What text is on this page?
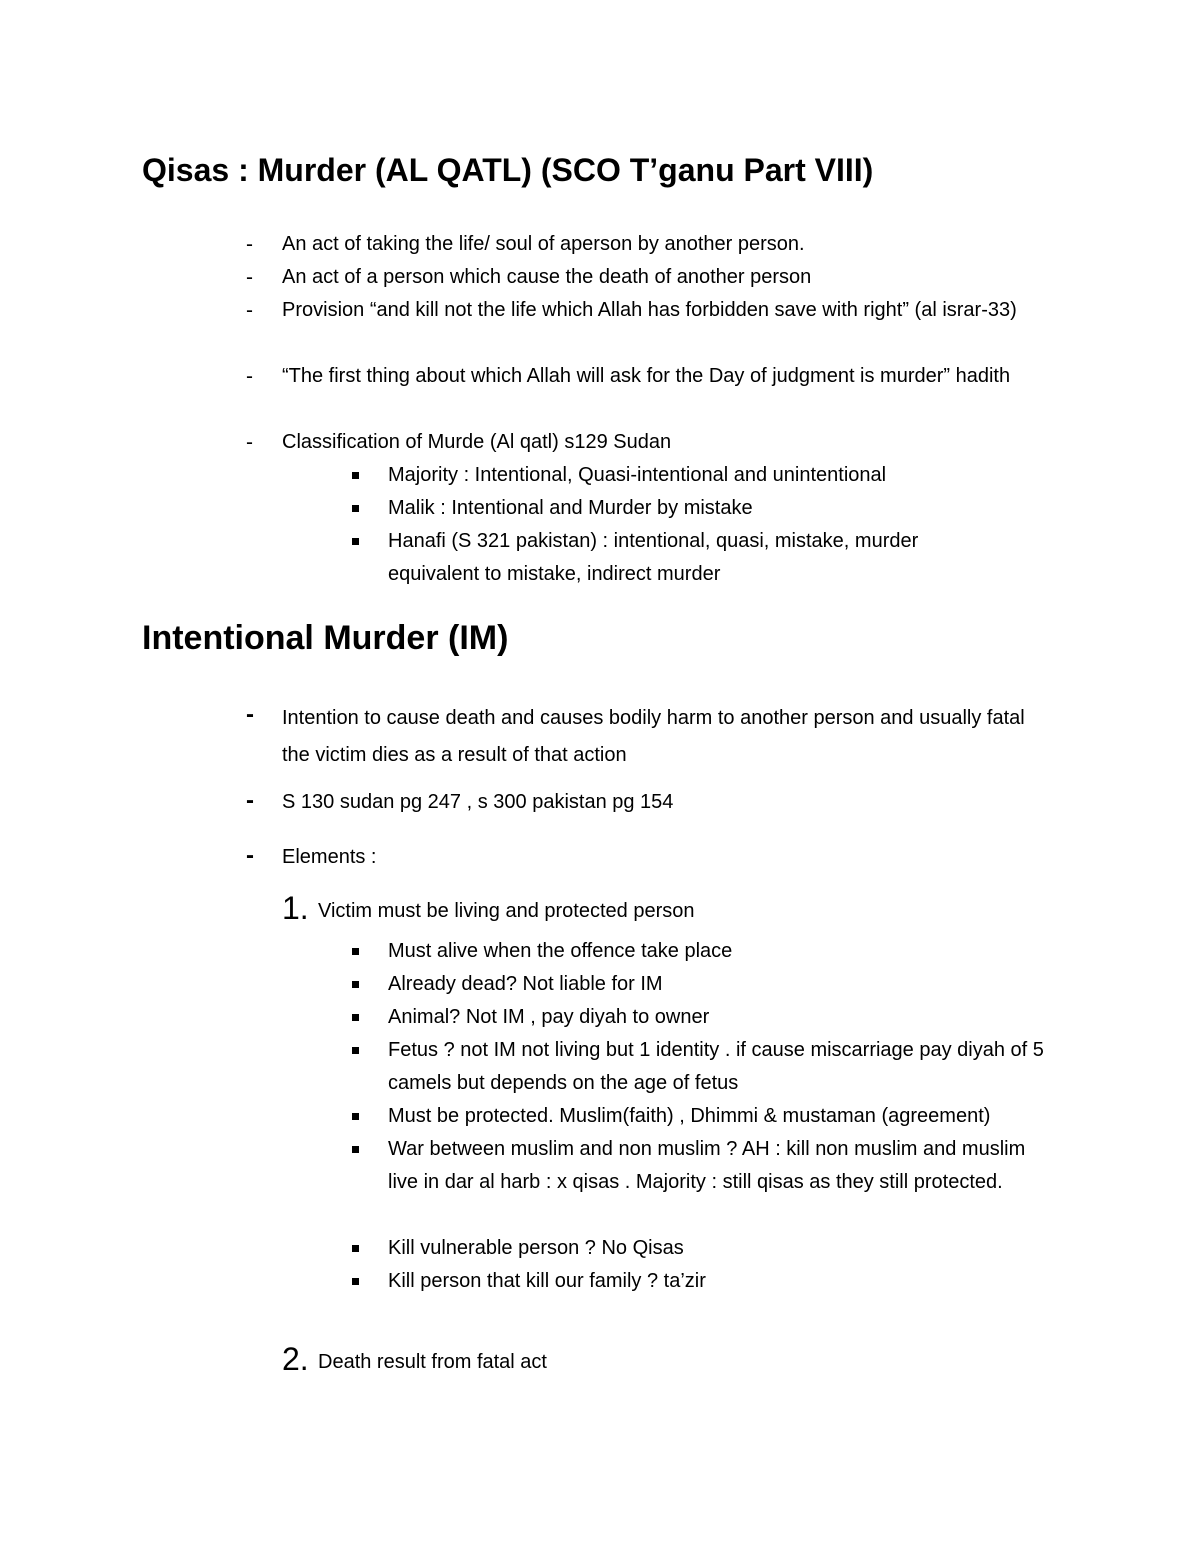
Qisas : Murder (AL QATL) (SCO T’ganu Part VIII)
-	An act of taking the life/ soul of aperson by another person.
-	An act of a person which cause the death of another person
-	Provision “and kill not the life which Allah has forbidden save with right” (al israr-33)
-	“The first thing about which Allah will ask for the Day of judgment is murder” hadith
-	Classification of Murde (Al qatl) s129 Sudan
Majority : Intentional, Quasi-intentional and unintentional
Malik : Intentional and Murder by mistake
Hanafi (S 321 pakistan) : intentional, quasi, mistake, murder equivalent to mistake, indirect murder
Intentional Murder (IM)
-	Intention to cause death and causes bodily harm to another person and usually fatal the victim dies as a result of that action
-	S 130 sudan pg 247 , s 300 pakistan pg 154
-	Elements :
1. Victim must be living and protected person
Must alive when the offence take place
Already dead? Not liable for IM
Animal? Not IM , pay diyah to owner
Fetus ? not IM not living but 1 identity . if cause miscarriage pay diyah of 5 camels but depends on the age of fetus
Must be protected. Muslim(faith) , Dhimmi & mustaman (agreement)
War between muslim and non muslim ? AH : kill non muslim and muslim live in dar al harb : x qisas . Majority : still qisas as they still protected.
Kill vulnerable person ? No Qisas
Kill person that kill our family ? ta’zir
2. Death result from fatal act
